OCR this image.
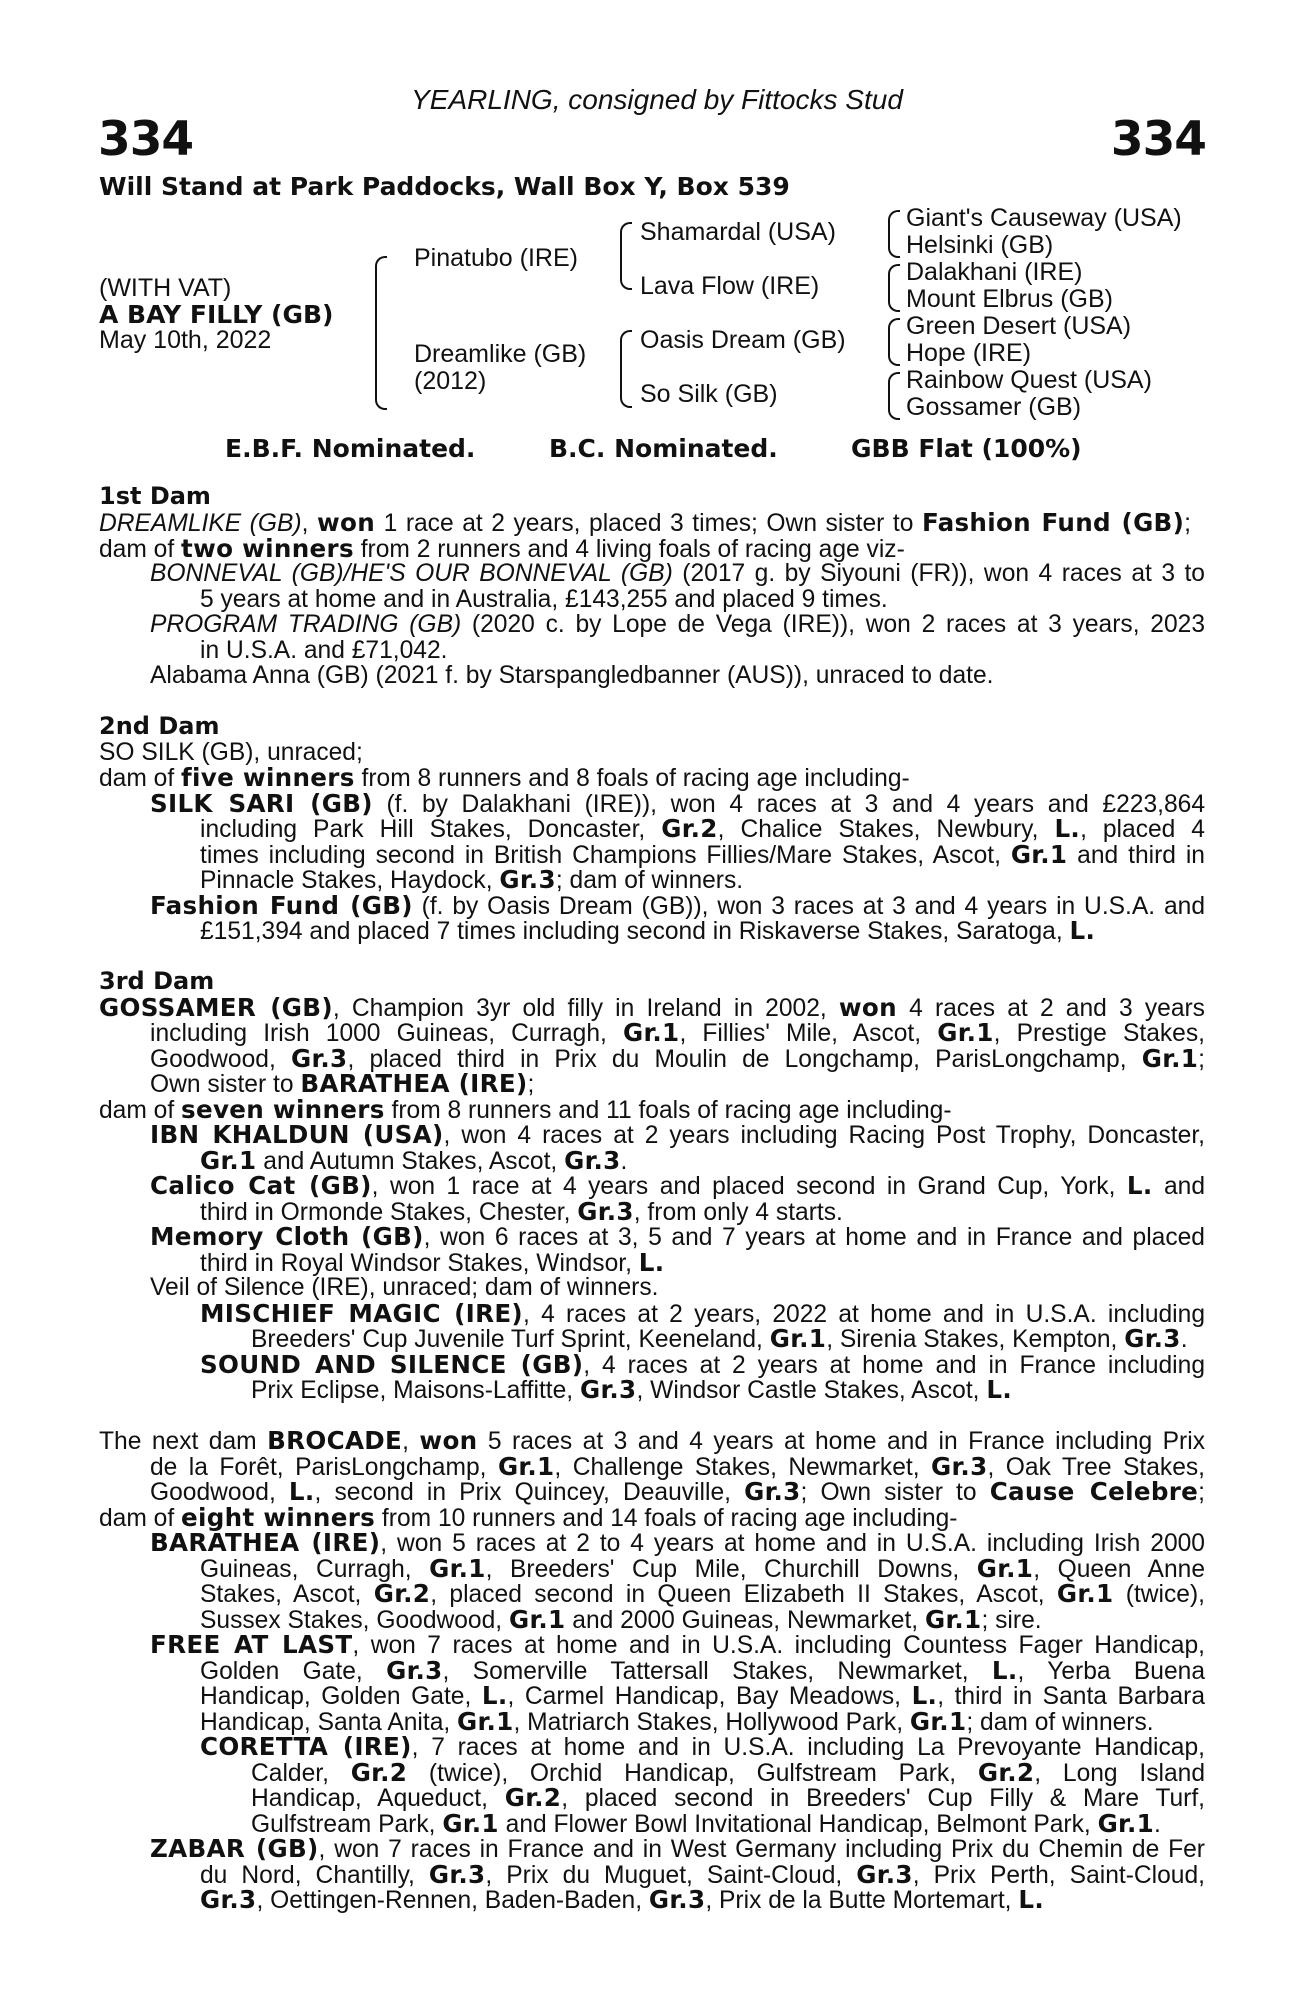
YEARLING, consigned by Fittocks Stud
334	334
Will Stand at Park Paddocks, Wall Box Y, Box 539
(WITH VAT)
A BAY FILLY (GB)
May 10th, 2022
Pinatubo (IRE)
Dreamlike (GB)
(2012)
Shamardal (USA)
Lava Flow (IRE)
Oasis Dream (GB)
So Silk (GB)
Giant's Causeway (USA)
Helsinki (GB)
Dalakhani (IRE)
Mount Elbrus (GB)
Green Desert (USA)
Hope (IRE)
Rainbow Quest (USA)
Gossamer (GB)
E.B.F. Nominated.	B.C. Nominated.	GBB Flat (100%)
1st Dam
DREAMLIKE (GB), won 1 race at 2 years, placed 3 times; Own sister to Fashion Fund (GB);
dam of two winners from 2 runners and 4 living foals of racing age viz-
BONNEVAL (GB)/HE'S OUR BONNEVAL (GB) (2017 g. by Siyouni (FR)), won 4 races at 3 to
5 years at home and in Australia, £143,255 and placed 9 times.
PROGRAM TRADING (GB) (2020 c. by Lope de Vega (IRE)), won 2 races at 3 years, 2023
in U.S.A. and £71,042.
Alabama Anna (GB) (2021 f. by Starspangledbanner (AUS)), unraced to date.
2nd Dam
SO SILK (GB), unraced;
dam of five winners from 8 runners and 8 foals of racing age including-
SILK SARI (GB) (f. by Dalakhani (IRE)), won 4 races at 3 and 4 years and £223,864
including Park Hill Stakes, Doncaster, Gr.2, Chalice Stakes, Newbury, L., placed 4
times including second in British Champions Fillies/Mare Stakes, Ascot, Gr.1 and third in
Pinnacle Stakes, Haydock, Gr.3; dam of winners.
Fashion Fund (GB) (f. by Oasis Dream (GB)), won 3 races at 3 and 4 years in U.S.A. and
£151,394 and placed 7 times including second in Riskaverse Stakes, Saratoga, L.
3rd Dam
GOSSAMER (GB), Champion 3yr old filly in Ireland in 2002, won 4 races at 2 and 3 years
including Irish 1000 Guineas, Curragh, Gr.1, Fillies' Mile, Ascot, Gr.1, Prestige Stakes,
Goodwood, Gr.3, placed third in Prix du Moulin de Longchamp, ParisLongchamp, Gr.1;
Own sister to BARATHEA (IRE);
dam of seven winners from 8 runners and 11 foals of racing age including-
IBN KHALDUN (USA), won 4 races at 2 years including Racing Post Trophy, Doncaster,
Gr.1 and Autumn Stakes, Ascot, Gr.3.
Calico Cat (GB), won 1 race at 4 years and placed second in Grand Cup, York, L. and
third in Ormonde Stakes, Chester, Gr.3, from only 4 starts.
Memory Cloth (GB), won 6 races at 3, 5 and 7 years at home and in France and placed
third in Royal Windsor Stakes, Windsor, L.
Veil of Silence (IRE), unraced; dam of winners.
MISCHIEF MAGIC (IRE), 4 races at 2 years, 2022 at home and in U.S.A. including
Breeders' Cup Juvenile Turf Sprint, Keeneland, Gr.1, Sirenia Stakes, Kempton, Gr.3.
SOUND AND SILENCE (GB), 4 races at 2 years at home and in France including
Prix Eclipse, Maisons-Laffitte, Gr.3, Windsor Castle Stakes, Ascot, L.
The next dam BROCADE, won 5 races at 3 and 4 years at home and in France including Prix
de la Forêt, ParisLongchamp, Gr.1, Challenge Stakes, Newmarket, Gr.3, Oak Tree Stakes,
Goodwood, L., second in Prix Quincey, Deauville, Gr.3; Own sister to Cause Celebre;
dam of eight winners from 10 runners and 14 foals of racing age including-
BARATHEA (IRE), won 5 races at 2 to 4 years at home and in U.S.A. including Irish 2000
Guineas, Curragh, Gr.1, Breeders' Cup Mile, Churchill Downs, Gr.1, Queen Anne
Stakes, Ascot, Gr.2, placed second in Queen Elizabeth II Stakes, Ascot, Gr.1 (twice),
Sussex Stakes, Goodwood, Gr.1 and 2000 Guineas, Newmarket, Gr.1; sire.
FREE AT LAST, won 7 races at home and in U.S.A. including Countess Fager Handicap,
Golden Gate, Gr.3, Somerville Tattersall Stakes, Newmarket, L., Yerba Buena
Handicap, Golden Gate, L., Carmel Handicap, Bay Meadows, L., third in Santa Barbara
Handicap, Santa Anita, Gr.1, Matriarch Stakes, Hollywood Park, Gr.1; dam of winners.
CORETTA (IRE), 7 races at home and in U.S.A. including La Prevoyante Handicap,
Calder, Gr.2 (twice), Orchid Handicap, Gulfstream Park, Gr.2, Long Island
Handicap, Aqueduct, Gr.2, placed second in Breeders' Cup Filly & Mare Turf,
Gulfstream Park, Gr.1 and Flower Bowl Invitational Handicap, Belmont Park, Gr.1.
ZABAR (GB), won 7 races in France and in West Germany including Prix du Chemin de Fer
du Nord, Chantilly, Gr.3, Prix du Muguet, Saint-Cloud, Gr.3, Prix Perth, Saint-Cloud,
Gr.3, Oettingen-Rennen, Baden-Baden, Gr.3, Prix de la Butte Mortemart, L.
